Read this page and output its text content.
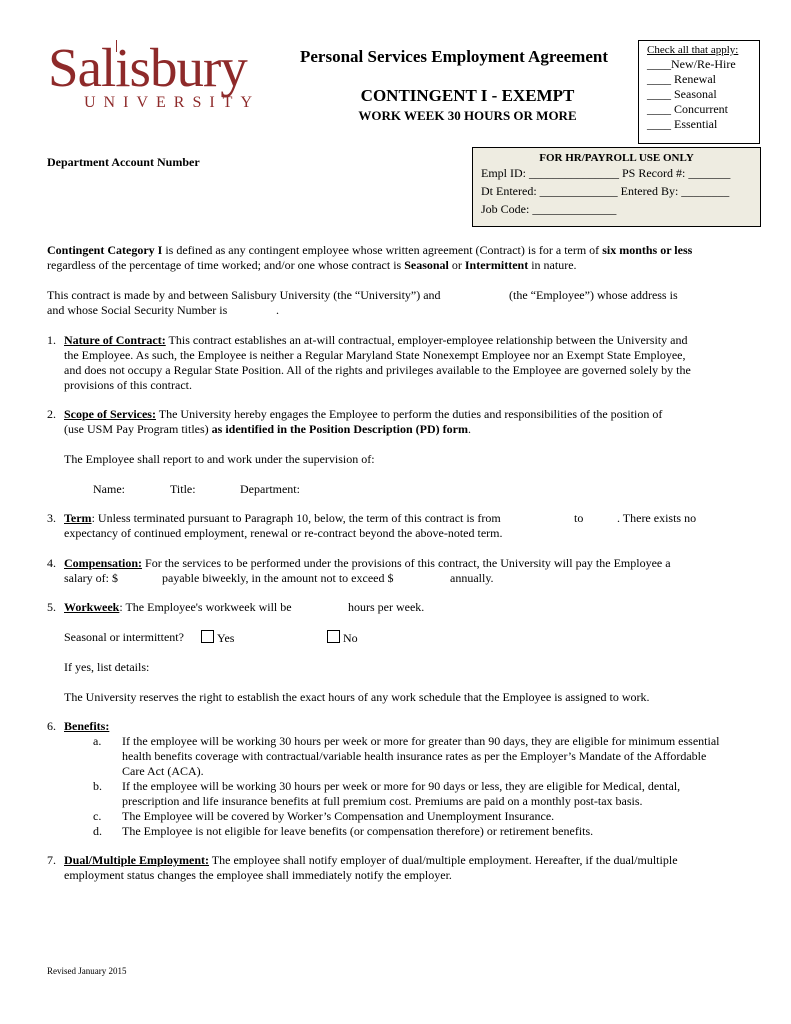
Salisbury
UNIVERSITY
Personal Services Employment Agreement
CONTINGENT I - EXEMPT
WORK WEEK 30 HOURS OR MORE
Check all that apply:
____New/Re-Hire
____ Renewal
____ Seasonal
____ Concurrent
____ Essential
Department Account Number	FOR HR/PAYROLL USE ONLY
Empl ID: _______________ PS Record #: _______
Dt Entered: _____________ Entered By: ________
Job Code: ______________
Contingent Category I is defined as any contingent employee whose written agreement (Contract) is for a term of six months or less
regardless of the percentage of time worked; and/or one whose contract is Seasonal or Intermittent in nature.
This contract is made by and between Salisbury University (the “University”) and	(the “Employee”) whose address is
and whose Social Security Number is	.
1. Nature of Contract: This contract establishes an at-will contractual, employer-employee relationship between the University and
the Employee. As such, the Employee is neither a Regular Maryland State Nonexempt Employee nor an Exempt State Employee,
and does not occupy a Regular State Position. All of the rights and privileges available to the Employee are governed solely by the
provisions of this contract.
2. Scope of Services: The University hereby engages the Employee to perform the duties and responsibilities of the position of
(use USM Pay Program titles) as identified in the Position Description (PD) form.
The Employee shall report to and work under the supervision of:
Name:	Title:	Department:
3. Term: Unless terminated pursuant to Paragraph 10, below, the term of this contract is from	to	. There exists no
expectancy of continued employment, renewal or re-contract beyond the above-noted term.
4. Compensation: For the services to be performed under the provisions of this contract, the University will pay the Employee a
salary of: $	payable biweekly, in the amount not to exceed $	annually.
5. Workweek: The Employee's workweek will be	hours per week.
Seasonal or intermittent?	Yes	No
If yes, list details:
The University reserves the right to establish the exact hours of any work schedule that the Employee is assigned to work.
6. Benefits:
a. If the employee will be working 30 hours per week or more for greater than 90 days, they are eligible for minimum essential
health benefits coverage with contractual/variable health insurance rates as per the Employer’s Mandate of the Affordable
Care Act (ACA).
b. If the employee will be working 30 hours per week or more for 90 days or less, they are eligible for Medical, dental,
prescription and life insurance benefits at full premium cost. Premiums are paid on a monthly post-tax basis.
c. The Employee will be covered by Worker’s Compensation and Unemployment Insurance.
d. The Employee is not eligible for leave benefits (or compensation therefore) or retirement benefits.
7. Dual/Multiple Employment: The employee shall notify employer of dual/multiple employment. Hereafter, if the dual/multiple
employment status changes the employee shall immediately notify the employer.
Revised January 2015
